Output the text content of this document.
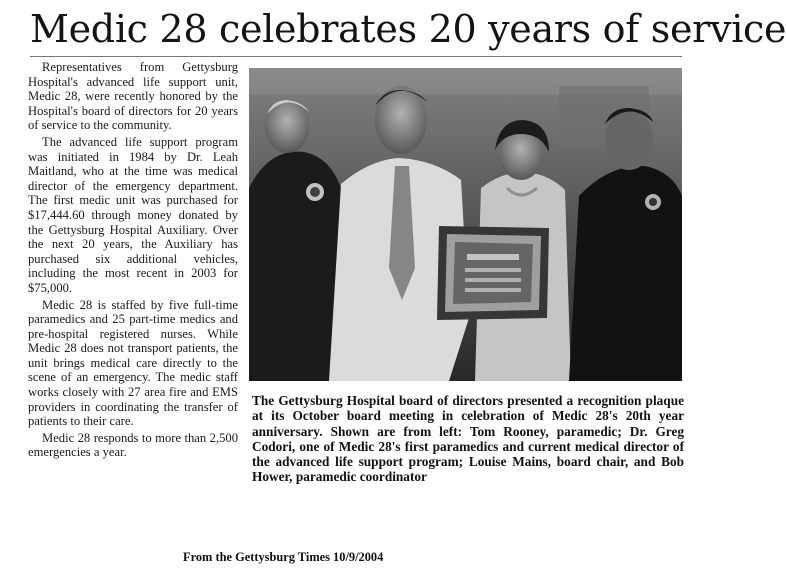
Medic 28 celebrates 20 years of service

Representatives from Gettysburg Hospital's advanced life support unit, Medic 28, were recently honored by the Hospital's board of directors for 20 years of service to the community.

The advanced life support program was initiated in 1984 by Dr. Leah Maitland, who at the time was medical director of the emergency department. The first medic unit was purchased for $17,444.60 through money donated by the Gettysburg Hospital Auxiliary. Over the next 20 years, the Auxiliary has purchased six additional vehicles, including the most recent in 2003 for $75,000.

Medic 28 is staffed by five full-time paramedics and 25 part-time medics and pre-hospital registered nurses. While Medic 28 does not transport patients, the unit brings medical care directly to the scene of an emergency. The medic staff works closely with 27 area fire and EMS providers in coordinating the transfer of patients to their care.

Medic 28 responds to more than 2,500 emergencies a year.

The Gettysburg Hospital board of directors presented a recognition plaque at its October board meeting in celebration of Medic 28's 20th year anniversary. Shown are from left: Tom Rooney, paramedic; Dr. Greg Codori, one of Medic 28's first paramedics and current medical director of the advanced life support program; Louise Mains, board chair, and Bob Hower, paramedic coordinator
From the Gettysburg Times 10/9/2004
